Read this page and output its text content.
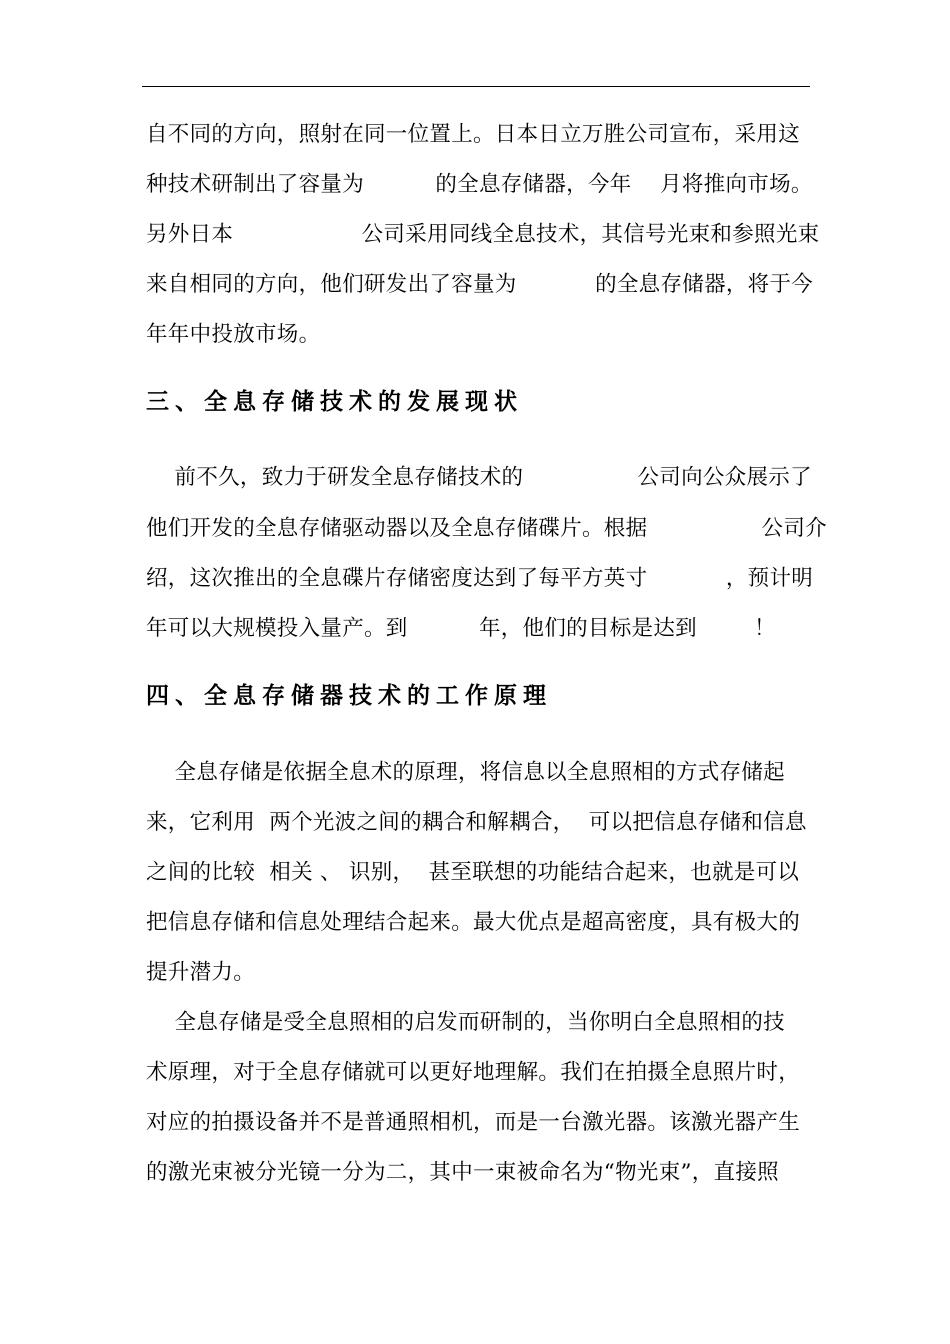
自不同的方向，照射在同一位置上。日本日立万胜公司宣布，采用这
种技术研制出了容量为          的全息存储器，今年    月将推向市场。
另外日本                  公司采用同线全息技术，其信号光束和参照光束
来自相同的方向，他们研发出了容量为           的全息存储器，将于今
年年中投放市场。
三、全息存储技术的发展现状
前不久，致力于研发全息存储技术的                公司向公众展示了
他们开发的全息存储驱动器以及全息存储碟片。根据                公司介
绍，这次推出的全息碟片存储密度达到了每平方英寸           ，预计明
年可以大规模投入量产。到          年，他们的目标是达到        ！
四、全息存储器技术的工作原理
全息存储是依据全息术的原理，将信息以全息照相的方式存储起
来，它利用  两个光波之间的耦合和解耦合，  可以把信息存储和信息
之间的比较  相关 、 识别，  甚至联想的功能结合起来，也就是可以
把信息存储和信息处理结合起来。最大优点是超高密度，具有极大的
提升潜力。
全息存储是受全息照相的启发而研制的，当你明白全息照相的技
术原理，对于全息存储就可以更好地理解。我们在拍摄全息照片时，
对应的拍摄设备并不是普通照相机，而是一台激光器。该激光器产生
的激光束被分光镜一分为二，其中一束被命名为“物光束”，直接照
